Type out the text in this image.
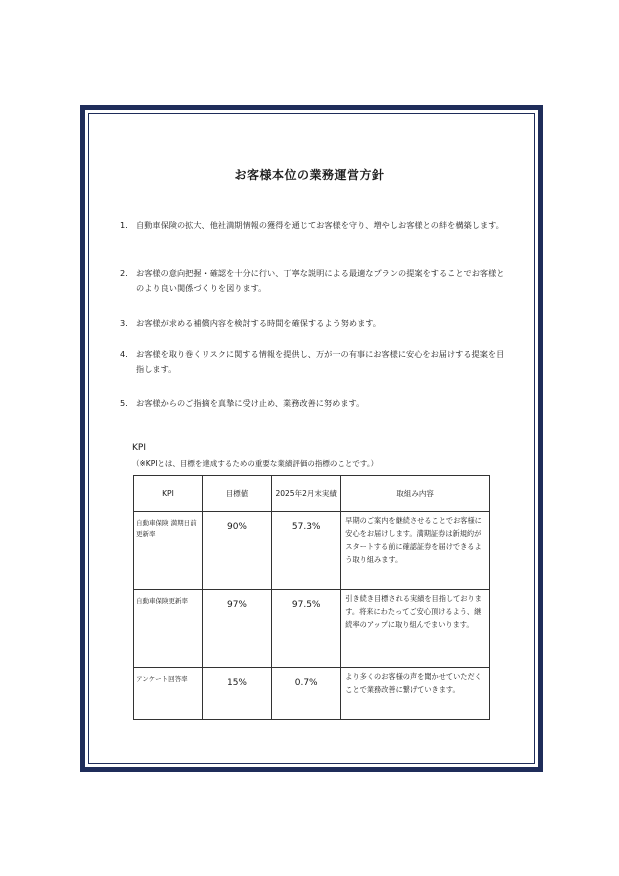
お客様本位の業務運営方針
1. 自動車保険の拡大、他社満期情報の獲得を通じてお客様を守り、増やしお客様との絆を構築します。
2. お客様の意向把握・確認を十分に行い、丁寧な説明による最適なプランの提案をすることでお客様とのより良い関係づくりを図ります。
3. お客様が求める補償内容を検討する時間を確保するよう努めます。
4. お客様を取り巻くリスクに関する情報を提供し、万が一の有事にお客様に安心をお届けする提案を目指します。
5. お客様からのご指摘を真摯に受け止め、業務改善に努めます。
KPI
（※KPIとは、目標を達成するための重要な業績評価の指標のことです。）
KPI	目標値	2025年2月末実績	取組み内容
自動車保険 満期日前更新率	90%	57.3%	早期のご案内を継続させることでお客様に安心をお届けします。満期証券は新規約がスタートする前に確認証券を届けできるよう取り組みます。
自動車保険更新率	97%	97.5%	引き続き目標される実績を目指しております。将来にわたってご安心頂けるよう、継続率のアップに取り組んでまいります。
アンケート回答率	15%	0.7%	より多くのお客様の声を聞かせていただくことで業務改善に繋げていきます。
